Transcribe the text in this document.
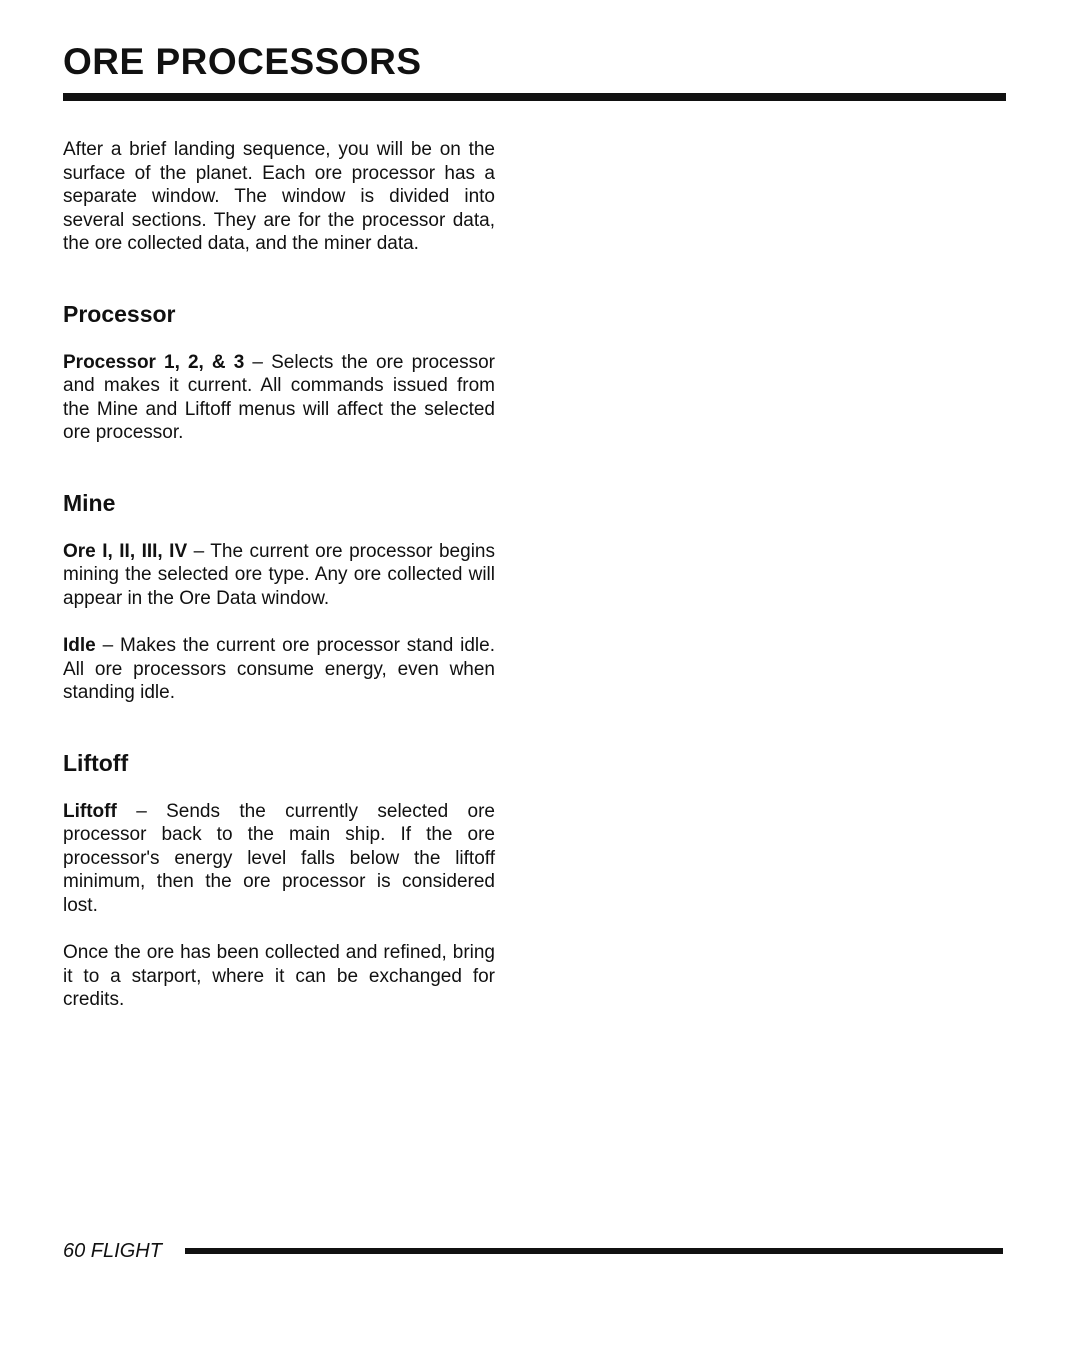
ORE PROCESSORS

After a brief landing sequence, you will be on the surface of the planet. Each ore processor has a separate window. The window is divided into several sections. They are for the processor data, the ore collected data, and the miner data.

Processor

Processor 1, 2, & 3 – Selects the ore processor and makes it current. All commands issued from the Mine and Liftoff menus will affect the selected ore processor.

Mine

Ore I, II, III, IV – The current ore processor begins mining the selected ore type. Any ore collected will appear in the Ore Data window.

Idle – Makes the current ore processor stand idle. All ore processors consume energy, even when standing idle.

Liftoff

Liftoff – Sends the currently selected ore processor back to the main ship. If the ore processor's energy level falls below the liftoff minimum, then the ore processor is considered lost.

Once the ore has been collected and refined, bring it to a starport, where it can be exchanged for credits.

60 FLIGHT
